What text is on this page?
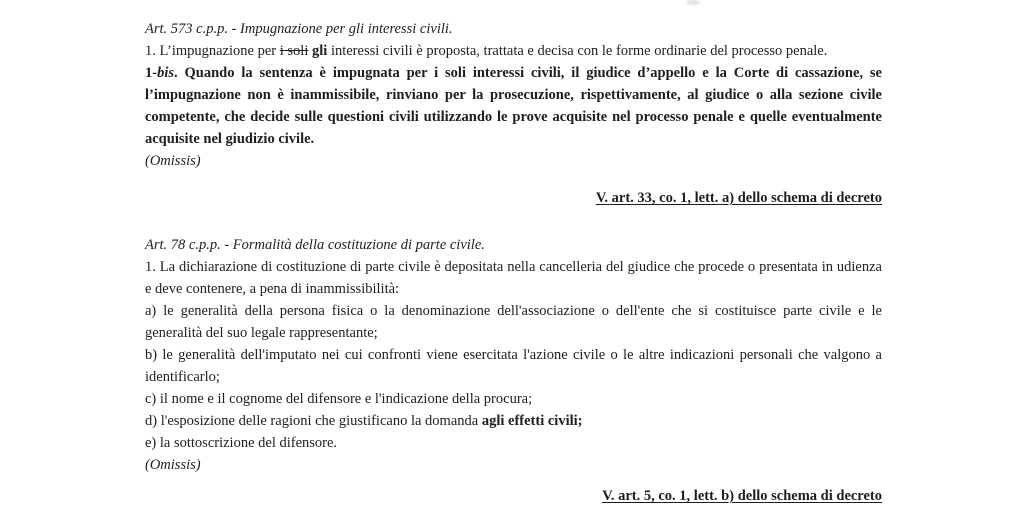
Art. 573 c.p.p. - Impugnazione per gli interessi civili.

1. L’impugnazione per i soli gli interessi civili è proposta, trattata e decisa con le forme ordinarie del processo penale.

1-bis. Quando la sentenza è impugnata per i soli interessi civili, il giudice d’appello e la Corte di cassazione, se l’impugnazione non è inammissibile, rinviano per la prosecuzione, rispettivamente, al giudice o alla sezione civile competente, che decide sulle questioni civili utilizzando le prove acquisite nel processo penale e quelle eventualmente acquisite nel giudizio civile.

(Omissis)

V. art. 33, co. 1, lett. a) dello schema di decreto

Art. 78 c.p.p. - Formalità della costituzione di parte civile.

1. La dichiarazione di costituzione di parte civile è depositata nella cancelleria del giudice che procede o presentata in udienza e deve contenere, a pena di inammissibilità:

a) le generalità della persona fisica o la denominazione dell'associazione o dell'ente che si costituisce parte civile e le generalità del suo legale rappresentante;

b) le generalità dell'imputato nei cui confronti viene esercitata l'azione civile o le altre indicazioni personali che valgono a identificarlo;

c) il nome e il cognome del difensore e l'indicazione della procura;

d) l'esposizione delle ragioni che giustificano la domanda agli effetti civili;

e) la sottoscrizione del difensore.

(Omissis)

V. art. 5, co. 1, lett. b) dello schema di decreto
